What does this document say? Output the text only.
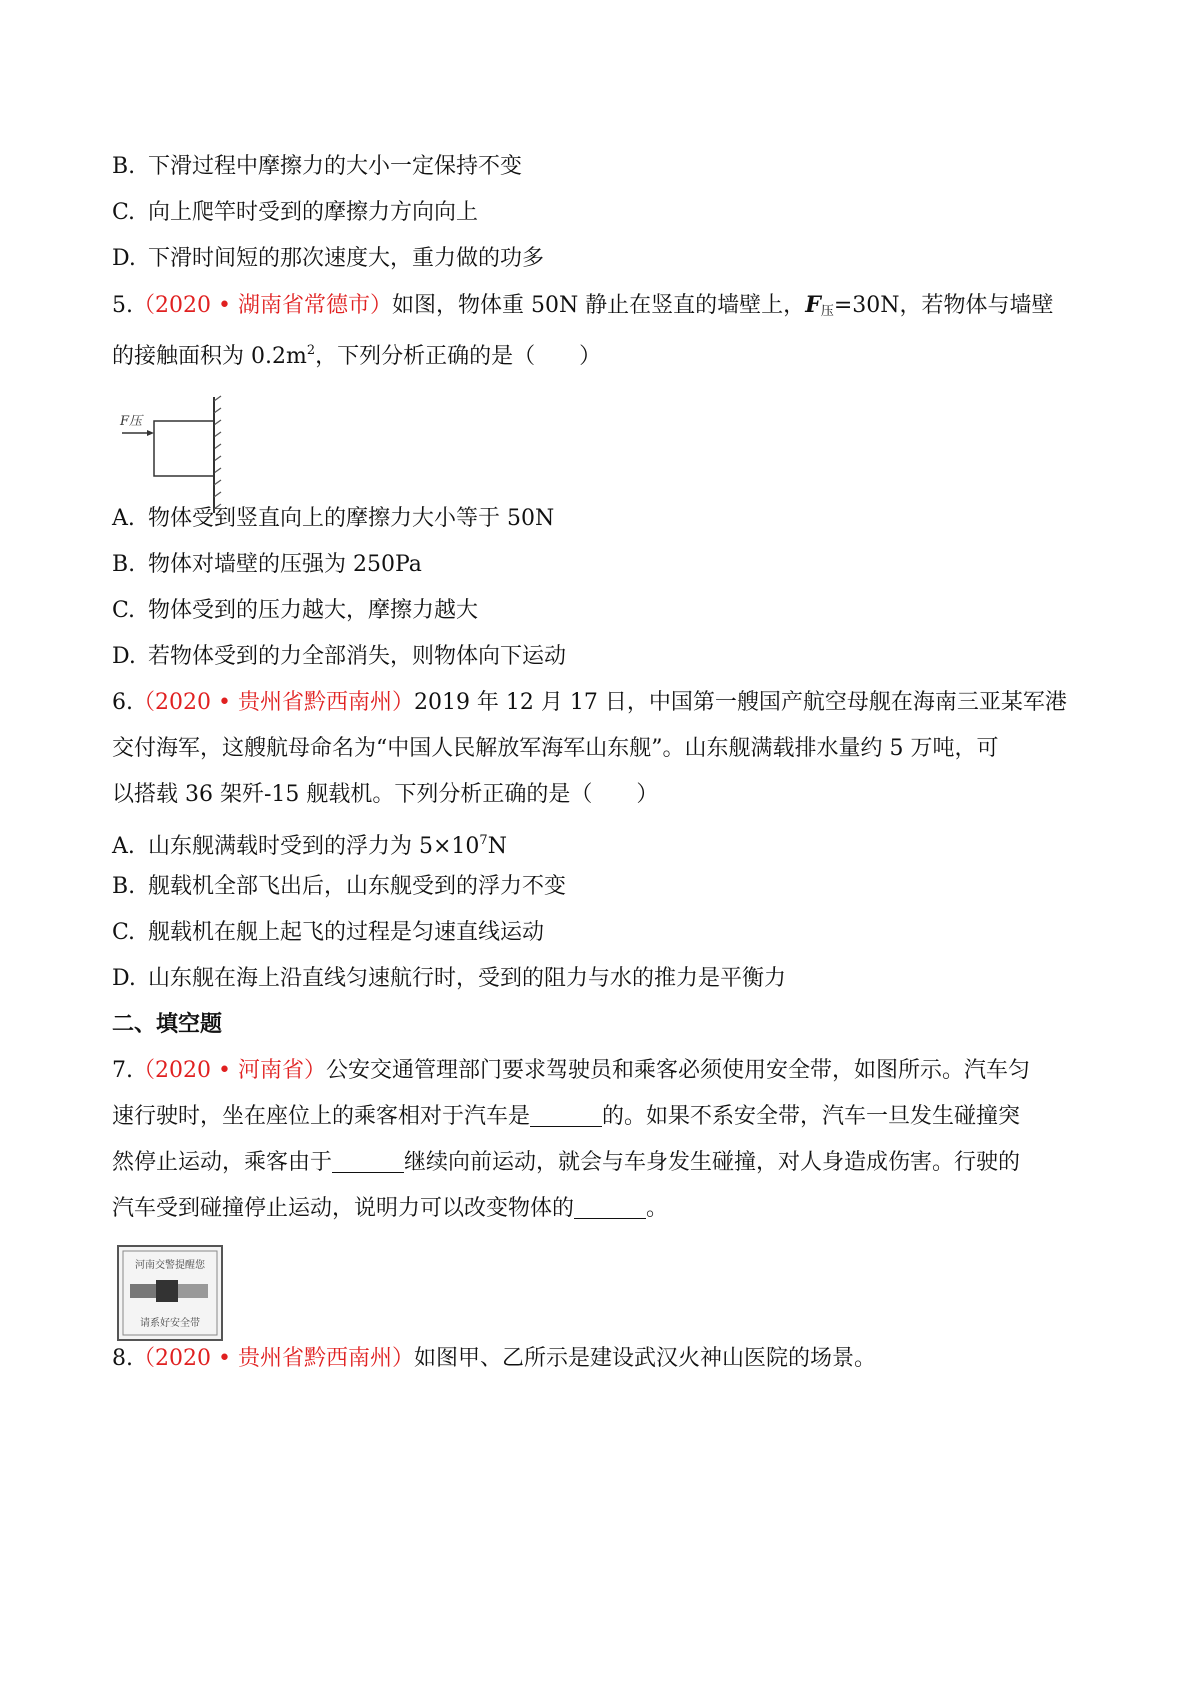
B. 下滑过程中摩擦力的大小一定保持不变
C. 向上爬竿时受到的摩擦力方向向上
D. 下滑时间短的那次速度大，重力做的功多
5.（2020 • 湖南省常德市）如图，物体重 50N 静止在竖直的墙壁上，$F_压=30N$，若物体与墙壁
的接触面积为 $0.2m^2$，下列分析正确的是（　　）
F压
A. 物体受到竖直向上的摩擦力大小等于 50N
B. 物体对墙壁的压强为 250Pa
C. 物体受到的压力越大，摩擦力越大
D. 若物体受到的力全部消失，则物体向下运动
6.（2020 • 贵州省黔西南州）2019 年 12 月 17 日，中国第一艘国产航空母舰在海南三亚某军港
交付海军，这艘航母命名为“中国人民解放军海军山东舰”。山东舰满载排水量约 5 万吨，可
以搭载 36 架歼-15 舰载机。下列分析正确的是（　　）
A. 山东舰满载时受到的浮力为 $5\times 10^7N$
B. 舰载机全部飞出后，山东舰受到的浮力不变
C. 舰载机在舰上起飞的过程是匀速直线运动
D. 山东舰在海上沿直线匀速航行时，受到的阻力与水的推力是平衡力
二、填空题
7.（2020 • 河南省）公安交通管理部门要求驾驶员和乘客必须使用安全带，如图所示。汽车匀
速行驶时，坐在座位上的乘客相对于汽车是	的。如果不系安全带，汽车一旦发生碰撞突
然停止运动，乘客由于	继续向前运动，就会与车身发生碰撞，对人身造成伤害。行驶的
汽车受到碰撞停止运动，说明力可以改变物体的	。
河南交警提醒您
请系好安全带
8.（2020 • 贵州省黔西南州）如图甲、乙所示是建设武汉火神山医院的场景。
